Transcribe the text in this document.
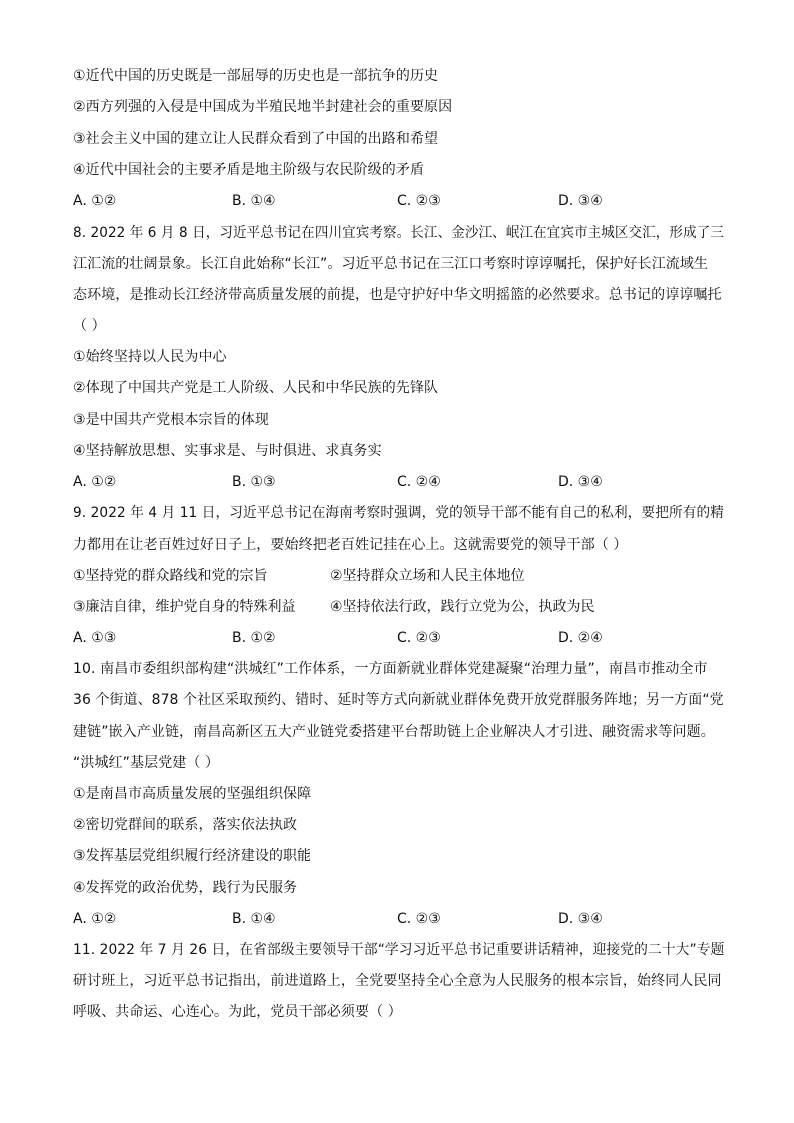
①近代中国的历史既是一部屈辱的历史也是一部抗争的历史
②西方列强的入侵是中国成为半殖民地半封建社会的重要原因
③社会主义中国的建立让人民群众看到了中国的出路和希望
④近代中国社会的主要矛盾是地主阶级与农民阶级的矛盾
A. ①②	B. ①④	C. ②③	D. ③④
8. 2022 年 6 月 8 日，习近平总书记在四川宜宾考察。长江、金沙江、岷江在宜宾市主城区交汇，形成了三
江汇流的壮阔景象。长江自此始称“长江”。习近平总书记在三江口考察时谆谆嘱托，保护好长江流域生
态环境，是推动长江经济带高质量发展的前提，也是守护好中华文明摇篮的必然要求。总书记的谆谆嘱托
（ ）
①始终坚持以人民为中心
②体现了中国共产党是工人阶级、人民和中华民族的先锋队
③是中国共产党根本宗旨的体现
④坚持解放思想、实事求是、与时俱进、求真务实
A. ①②	B. ①③	C. ②④	D. ③④
9. 2022 年 4 月 11 日，习近平总书记在海南考察时强调，党的领导干部不能有自己的私利，要把所有的精
力都用在让老百姓过好日子上，要始终把老百姓记挂在心上。这就需要党的领导干部（ ）
①坚持党的群众路线和党的宗旨	②坚持群众立场和人民主体地位
③廉洁自律，维护党自身的特殊利益 ④坚持依法行政，践行立党为公，执政为民
A. ①③	B. ①②	C. ②③	D. ②④
10. 南昌市委组织部构建“洪城红”工作体系，一方面新就业群体党建凝聚“治理力量”，南昌市推动全市
36 个街道、878 个社区采取预约、错时、延时等方式向新就业群体免费开放党群服务阵地；另一方面“党
建链”嵌入产业链，南昌高新区五大产业链党委搭建平台帮助链上企业解决人才引进、融资需求等问题。
“洪城红”基层党建（ ）
①是南昌市高质量发展的坚强组织保障
②密切党群间的联系，落实依法执政
③发挥基层党组织履行经济建设的职能
④发挥党的政治优势，践行为民服务
A. ①②	B. ①④	C. ②③	D. ③④
11. 2022 年 7 月 26 日，在省部级主要领导干部“学习习近平总书记重要讲话精神，迎接党的二十大”专题
研讨班上，习近平总书记指出，前进道路上，全党要坚持全心全意为人民服务的根本宗旨，始终同人民同
呼吸、共命运、心连心。为此，党员干部必须要（ ）
